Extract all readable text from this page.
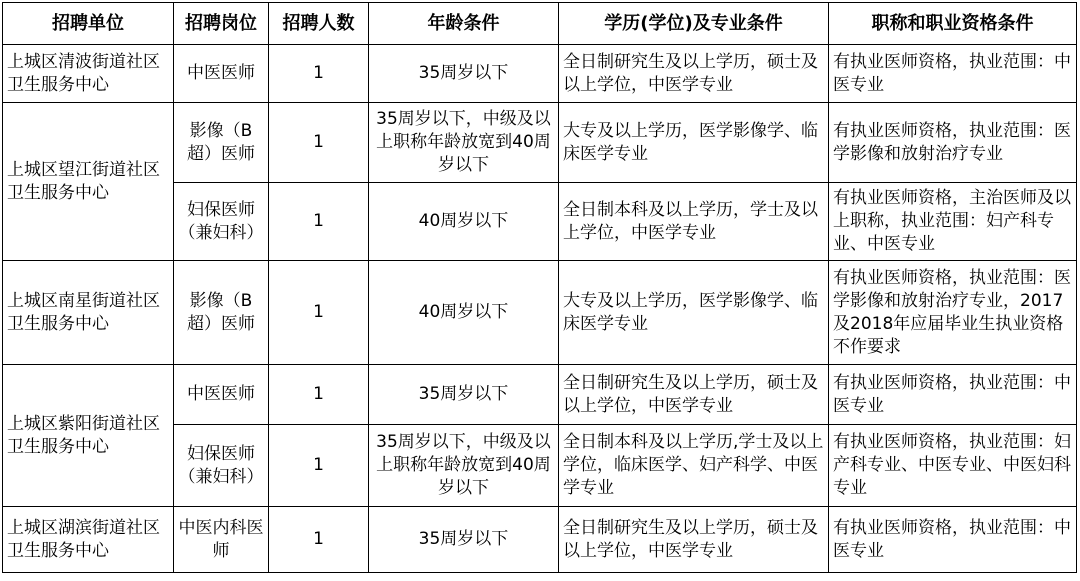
招聘单位	招聘岗位	招聘人数	年龄条件	学历(学位)及专业条件	职称和职业资格条件
上城区清波街道社区卫生服务中心	中医医师	1	35周岁以下	全日制研究生及以上学历，硕士及以上学位，中医学专业	有执业医师资格，执业范围：中医专业
上城区望江街道社区卫生服务中心	影像（B超）医师	1	35周岁以下，中级及以上职称年龄放宽到40周岁以下	大专及以上学历，医学影像学、临床医学专业	有执业医师资格，执业范围：医学影像和放射治疗专业
	妇保医师（兼妇科）	1	40周岁以下	全日制本科及以上学历，学士及以上学位，中医学专业	有执业医师资格，主治医师及以上职称，执业范围：妇产科专业、中医专业
上城区南星街道社区卫生服务中心	影像（B超）医师	1	40周岁以下	大专及以上学历，医学影像学、临床医学专业	有执业医师资格，执业范围：医学影像和放射治疗专业，2017及2018年应届毕业生执业资格不作要求
上城区紫阳街道社区卫生服务中心	中医医师	1	35周岁以下	全日制研究生及以上学历，硕士及以上学位，中医学专业	有执业医师资格，执业范围：中医专业
	妇保医师（兼妇科）	1	35周岁以下，中级及以上职称年龄放宽到40周岁以下	全日制本科及以上学历,学士及以上学位，临床医学、妇产科学、中医学专业	有执业医师资格，执业范围：妇产科专业、中医专业、中医妇科专业
上城区湖滨街道社区卫生服务中心	中医内科医师	1	35周岁以下	全日制研究生及以上学历，硕士及以上学位，中医学专业	有执业医师资格，执业范围：中医专业
